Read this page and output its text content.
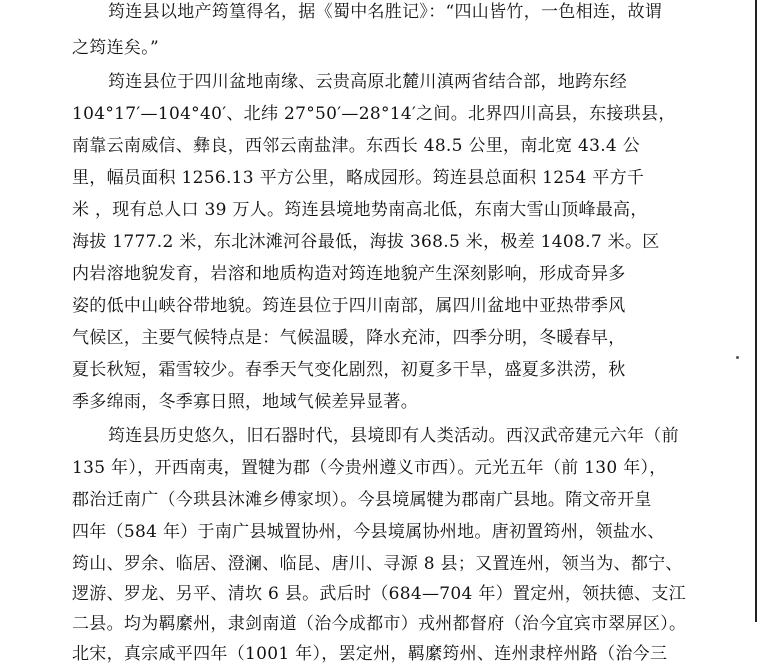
筠连县以地产筠篁得名，据《蜀中名胜记》：“四山皆竹，一色相连，故谓
之筠连矣。”
筠连县位于四川盆地南缘、云贵高原北麓川滇两省结合部，地跨东经
104°17′—104°40′、北纬 27°50′—28°14′之间。北界四川高县，东接珙县，
南靠云南威信、彝良，西邻云南盐津。东西长 48.5 公里，南北宽 43.4 公
里，幅员面积 1256.13 平方公里，略成园形。筠连县总面积 1254 平方千
米 ，现有总人口 39 万人。筠连县境地势南高北低，东南大雪山顶峰最高，
海拔 1777.2 米，东北沐滩河谷最低，海拔 368.5 米，极差 1408.7 米。区
内岩溶地貌发育，岩溶和地质构造对筠连地貌产生深刻影响，形成奇异多
姿的低中山峡谷带地貌。筠连县位于四川南部，属四川盆地中亚热带季风
气候区，主要气候特点是：气候温暖，降水充沛，四季分明，冬暖春早，
夏长秋短，霜雪较少。春季天气变化剧烈，初夏多干旱，盛夏多洪涝，秋
季多绵雨，冬季寡日照，地域气候差异显著。
筠连县历史悠久，旧石器时代，县境即有人类活动。西汉武帝建元六年（前
135 年），开西南夷，置犍为郡（今贵州遵义市西）。元光五年（前 130 年），
郡治迁南广（今珙县沐滩乡傅家坝）。今县境属犍为郡南广县地。隋文帝开皇
四年（584 年）于南广县城置协州，今县境属协州地。唐初置筠州，领盐水、
筠山、罗余、临居、澄澜、临昆、唐川、寻源 8 县；又置连州，领当为、都宁、
逻游、罗龙、另平、清坎 6 县。武后时（684—704 年）置定州，领扶德、支江
二县。均为羁縻州，隶剑南道（治今成都市）戎州都督府（治今宜宾市翠屏区）。
北宋，真宗咸平四年（1001 年），罢定州，羁縻筠州、连州隶梓州路（治今三
